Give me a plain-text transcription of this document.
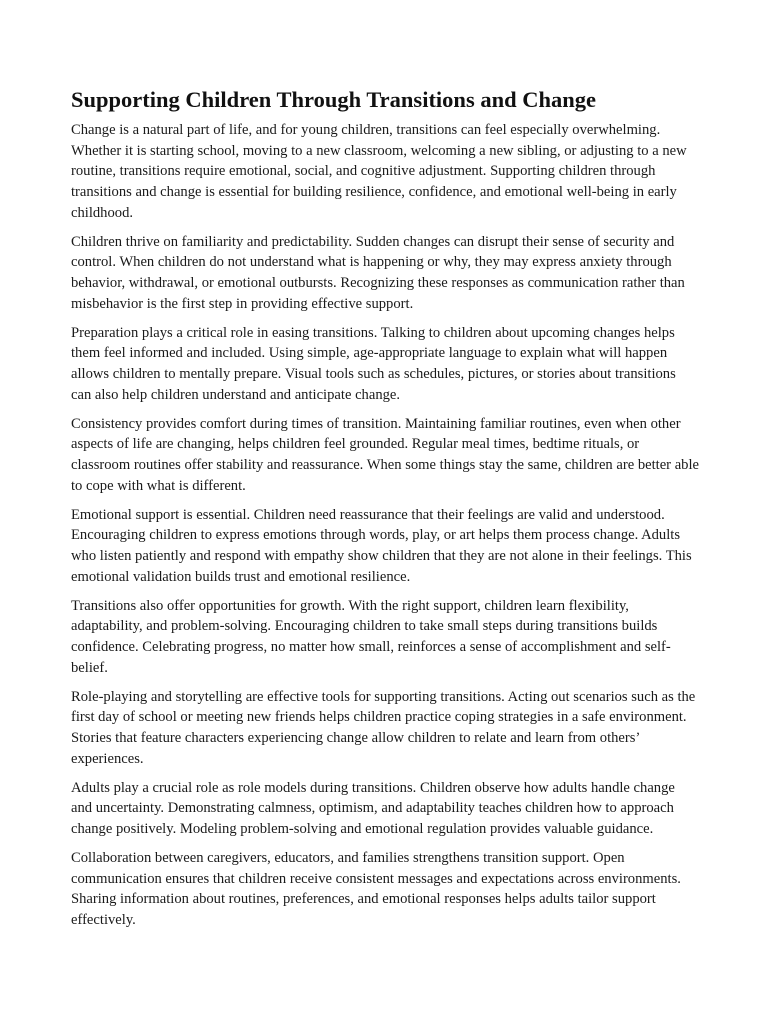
Supporting Children Through Transitions and Change

Change is a natural part of life, and for young children, transitions can feel especially overwhelming. Whether it is starting school, moving to a new classroom, welcoming a new sibling, or adjusting to a new routine, transitions require emotional, social, and cognitive adjustment. Supporting children through transitions and change is essential for building resilience, confidence, and emotional well-being in early childhood.

Children thrive on familiarity and predictability. Sudden changes can disrupt their sense of security and control. When children do not understand what is happening or why, they may express anxiety through behavior, withdrawal, or emotional outbursts. Recognizing these responses as communication rather than misbehavior is the first step in providing effective support.

Preparation plays a critical role in easing transitions. Talking to children about upcoming changes helps them feel informed and included. Using simple, age-appropriate language to explain what will happen allows children to mentally prepare. Visual tools such as schedules, pictures, or stories about transitions can also help children understand and anticipate change.

Consistency provides comfort during times of transition. Maintaining familiar routines, even when other aspects of life are changing, helps children feel grounded. Regular meal times, bedtime rituals, or classroom routines offer stability and reassurance. When some things stay the same, children are better able to cope with what is different.

Emotional support is essential. Children need reassurance that their feelings are valid and understood. Encouraging children to express emotions through words, play, or art helps them process change. Adults who listen patiently and respond with empathy show children that they are not alone in their feelings. This emotional validation builds trust and emotional resilience.

Transitions also offer opportunities for growth. With the right support, children learn flexibility, adaptability, and problem-solving. Encouraging children to take small steps during transitions builds confidence. Celebrating progress, no matter how small, reinforces a sense of accomplishment and self-belief.

Role-playing and storytelling are effective tools for supporting transitions. Acting out scenarios such as the first day of school or meeting new friends helps children practice coping strategies in a safe environment. Stories that feature characters experiencing change allow children to relate and learn from others’ experiences.

Adults play a crucial role as role models during transitions. Children observe how adults handle change and uncertainty. Demonstrating calmness, optimism, and adaptability teaches children how to approach change positively. Modeling problem-solving and emotional regulation provides valuable guidance.

Collaboration between caregivers, educators, and families strengthens transition support. Open communication ensures that children receive consistent messages and expectations across environments. Sharing information about routines, preferences, and emotional responses helps adults tailor support effectively.
